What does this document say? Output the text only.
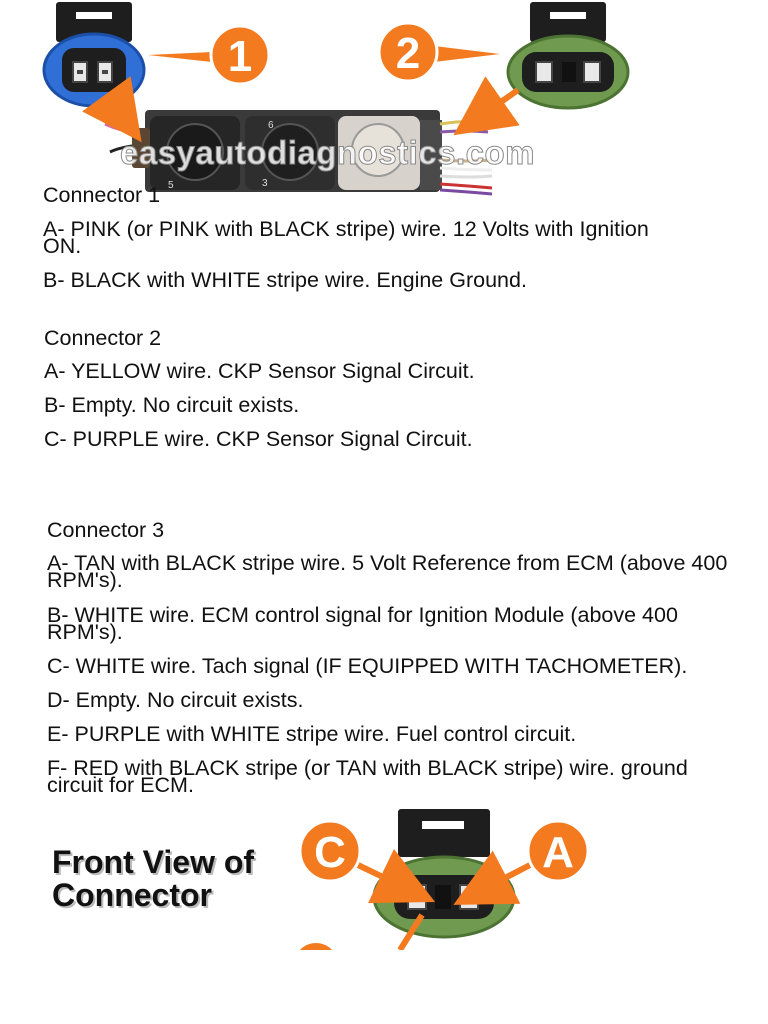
5	3
6
1	2
easyautodiagnostics.com
Connector 1
A- PINK (or PINK with BLACK stripe) wire. 12 Volts with Ignition ON.
B- BLACK with WHITE stripe wire. Engine Ground.
Connector 2
A- YELLOW wire. CKP Sensor Signal Circuit.
B- Empty. No circuit exists.
C- PURPLE wire. CKP Sensor Signal Circuit.
Connector 3
A- TAN with BLACK stripe wire. 5 Volt Reference from ECM (above 400 RPM's).
B- WHITE wire. ECM control signal for Ignition Module (above 400 RPM's).
C- WHITE wire. Tach signal (IF EQUIPPED WITH TACHOMETER).
D- Empty. No circuit exists.
E- PURPLE with WHITE stripe wire. Fuel control circuit.
F- RED with BLACK stripe (or TAN with BLACK stripe) wire. ground circuit for ECM.
Front View of
Connector
C	A
